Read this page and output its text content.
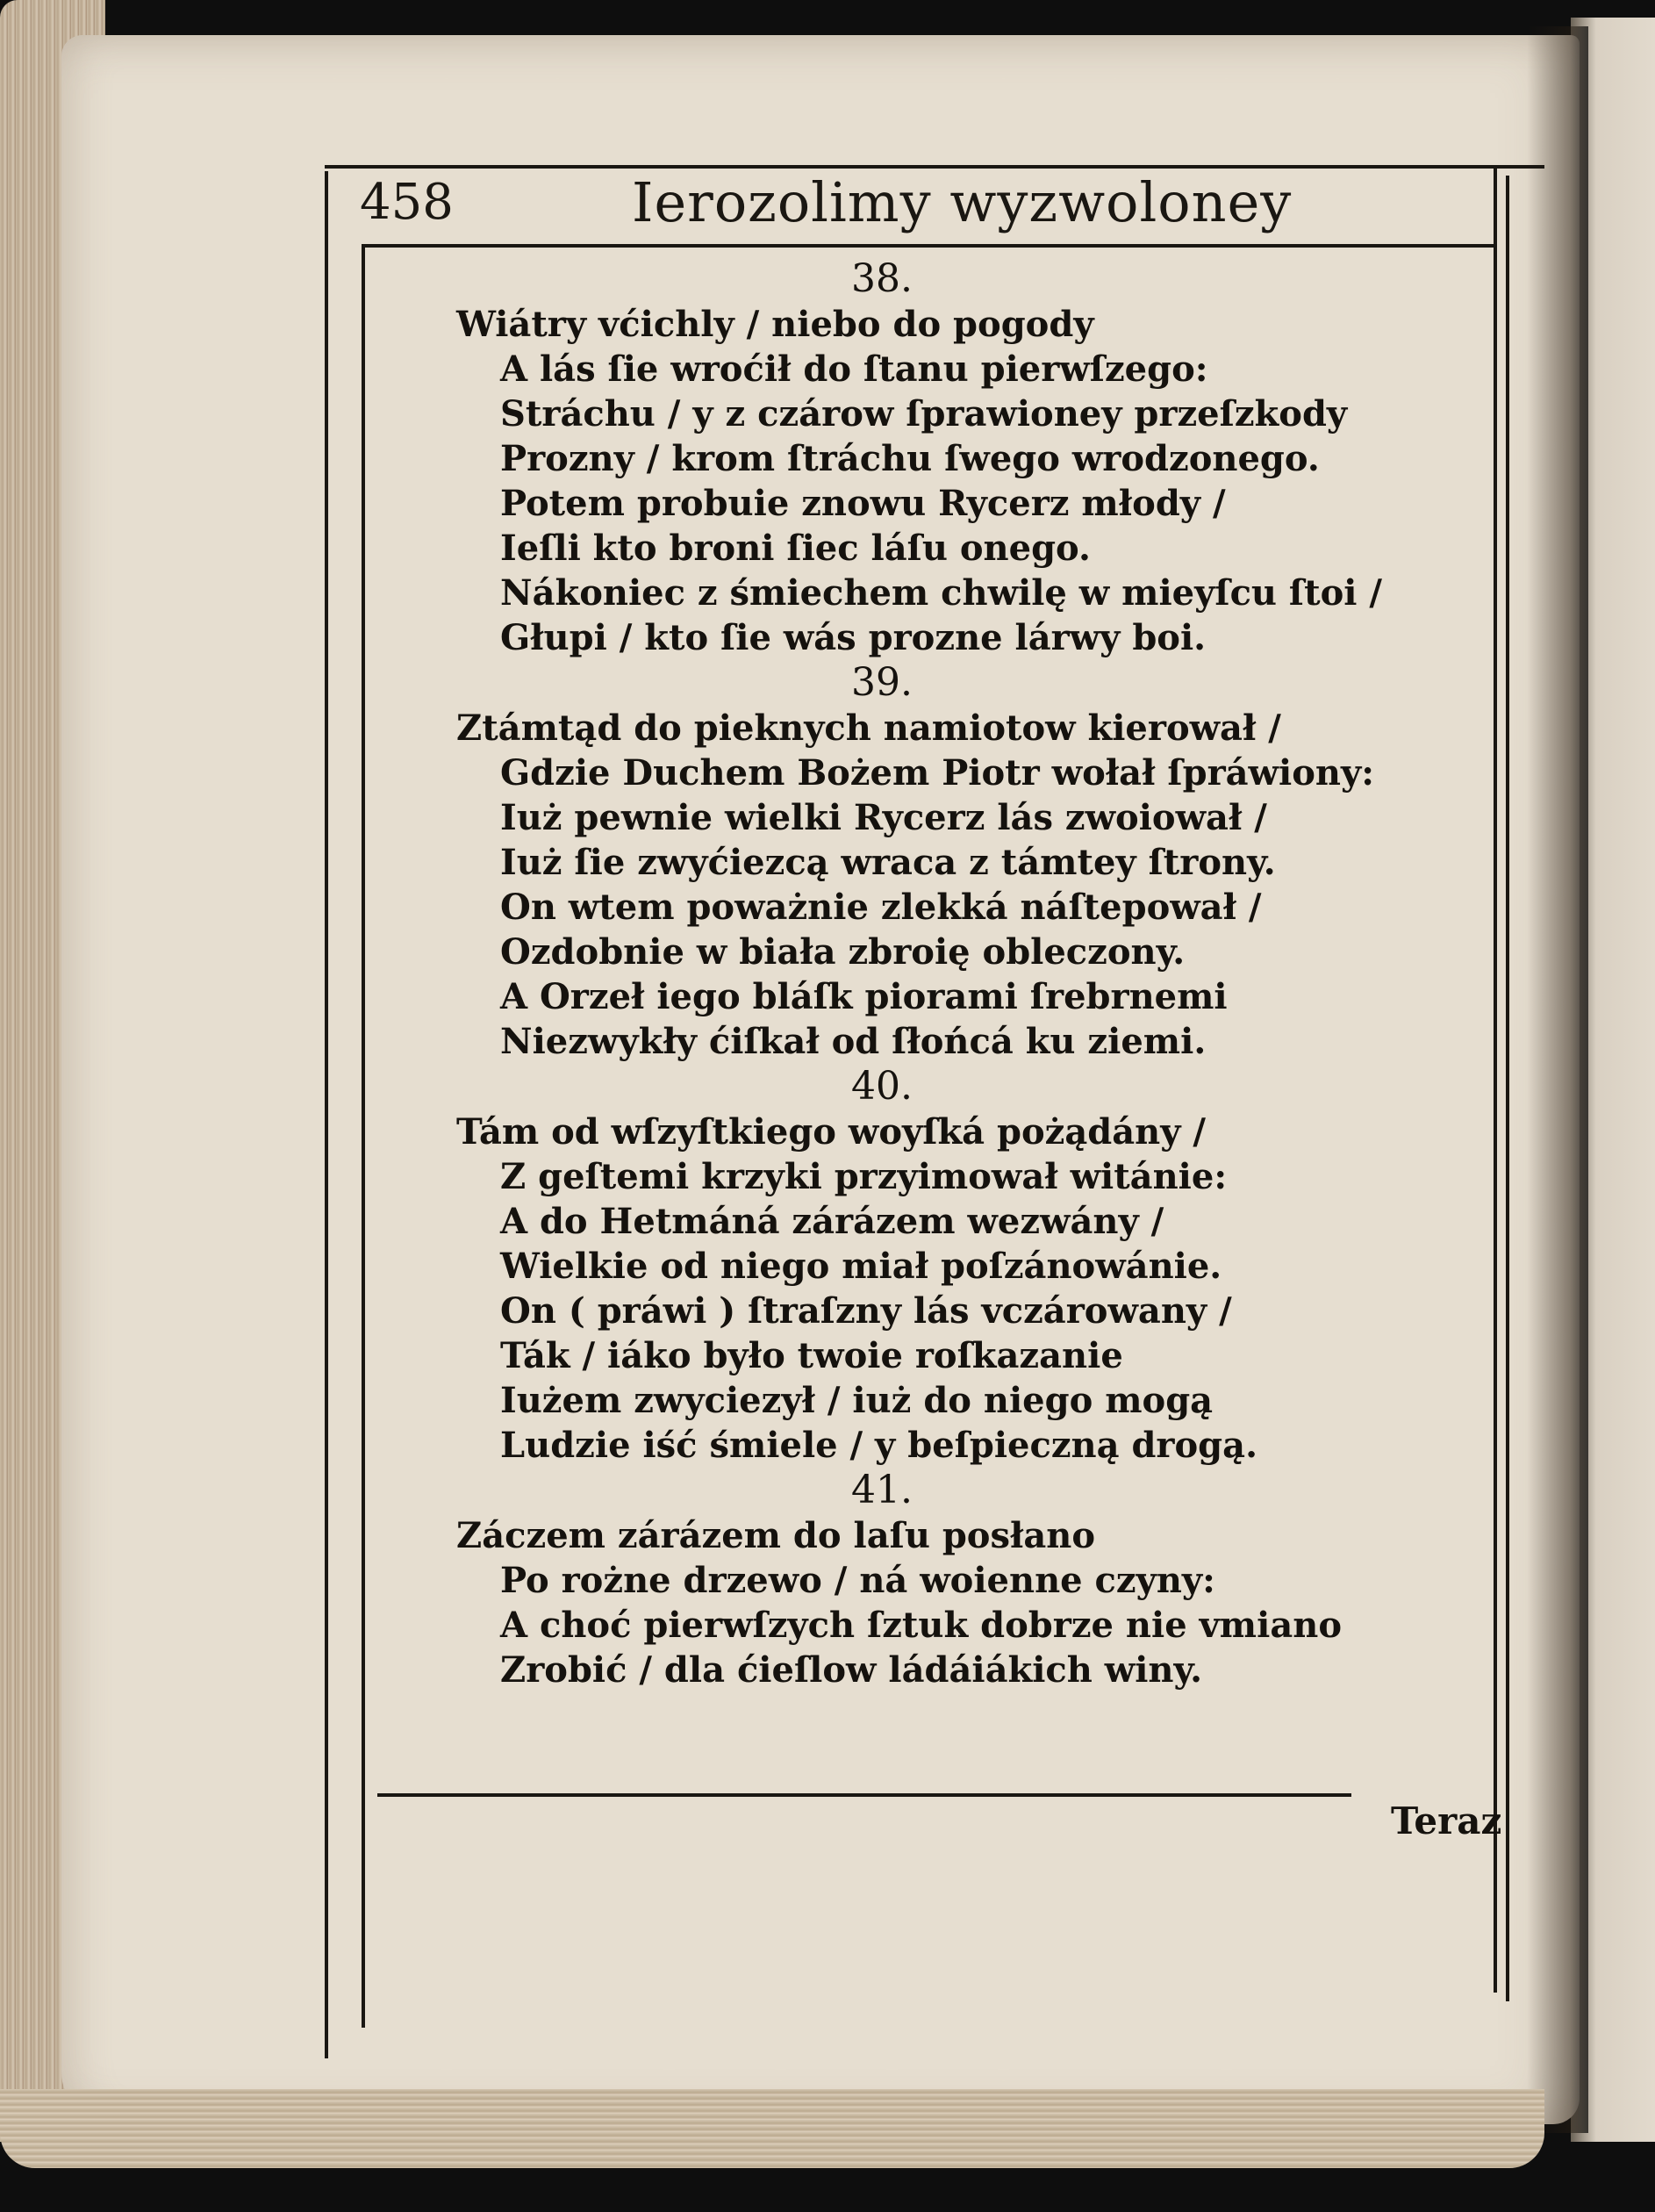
458	Ierozolimy wyzwoloney
38.
Wiátry vćichly / niebo do pogody
A lás ſie wroćił do ſtanu pierwſzego:
Stráchu / y z czárow ſprawioney przeſzkody
Prozny / krom ſtráchu ſwego wrodzonego.
Potem probuie znowu Rycerz młody /
Ieſli kto broni ſiec láſu onego.
Nákoniec z śmiechem chwilę w mieyſcu ſtoi /
Głupi / kto ſie wás prozne lárwy boi.
39.
Ztámtąd do pieknych namiotow kierował /
Gdzie Duchem Bożem Piotr wołał ſpráwiony:
Iuż pewnie wielki Rycerz lás zwoiował /
Iuż ſie zwyćiezcą wraca z támtey ſtrony.
On wtem poważnie zlekká náſtepował /
Ozdobnie w biała zbroię obleczony.
A Orzeł iego bláſk piorami ſrebrnemi
Niezwykły ćiſkał od ſłońcá ku ziemi.
40.
Tám od wſzyſtkiego woyſká pożądány /
Z geſtemi krzyki przyimował witánie:
A do Hetmáná zárázem wezwány /
Wielkie od niego miał poſzánowánie.
On ( práwi ) ſtraſzny lás vczárowany /
Ták / iáko było twoie roſkazanie
Iużem zwyciezył / iuż do niego mogą
Ludzie iść śmiele / y beſpieczną drogą.
41.
Záczem zárázem do laſu posłano
Po rożne drzewo / ná woienne czyny:
A choć pierwſzych ſztuk dobrze nie vmiano
Zrobić / dla ćieſlow ládáiákich winy.
Teraz
